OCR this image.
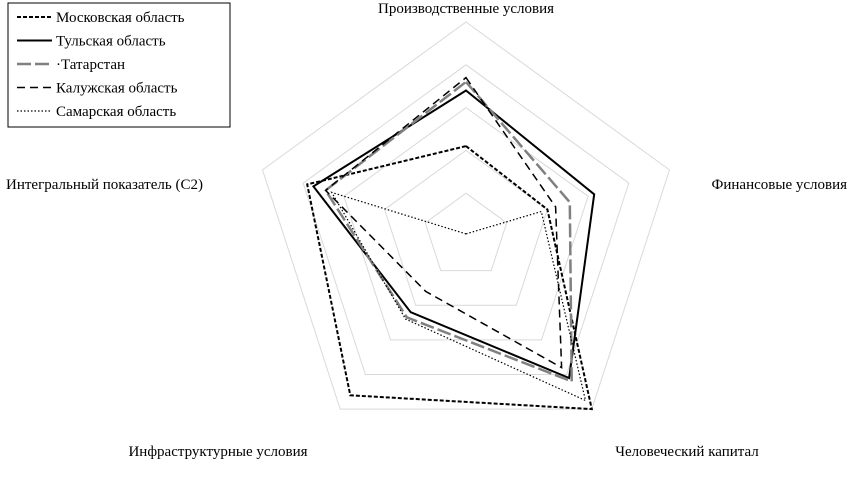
Производственные условия
Финансовые условия
Человеческий капитал
Инфраструктурные условия
Интегральный показатель (С2)
Московская область
Тульская область
·Татарстан
Калужская область
Самарская область
